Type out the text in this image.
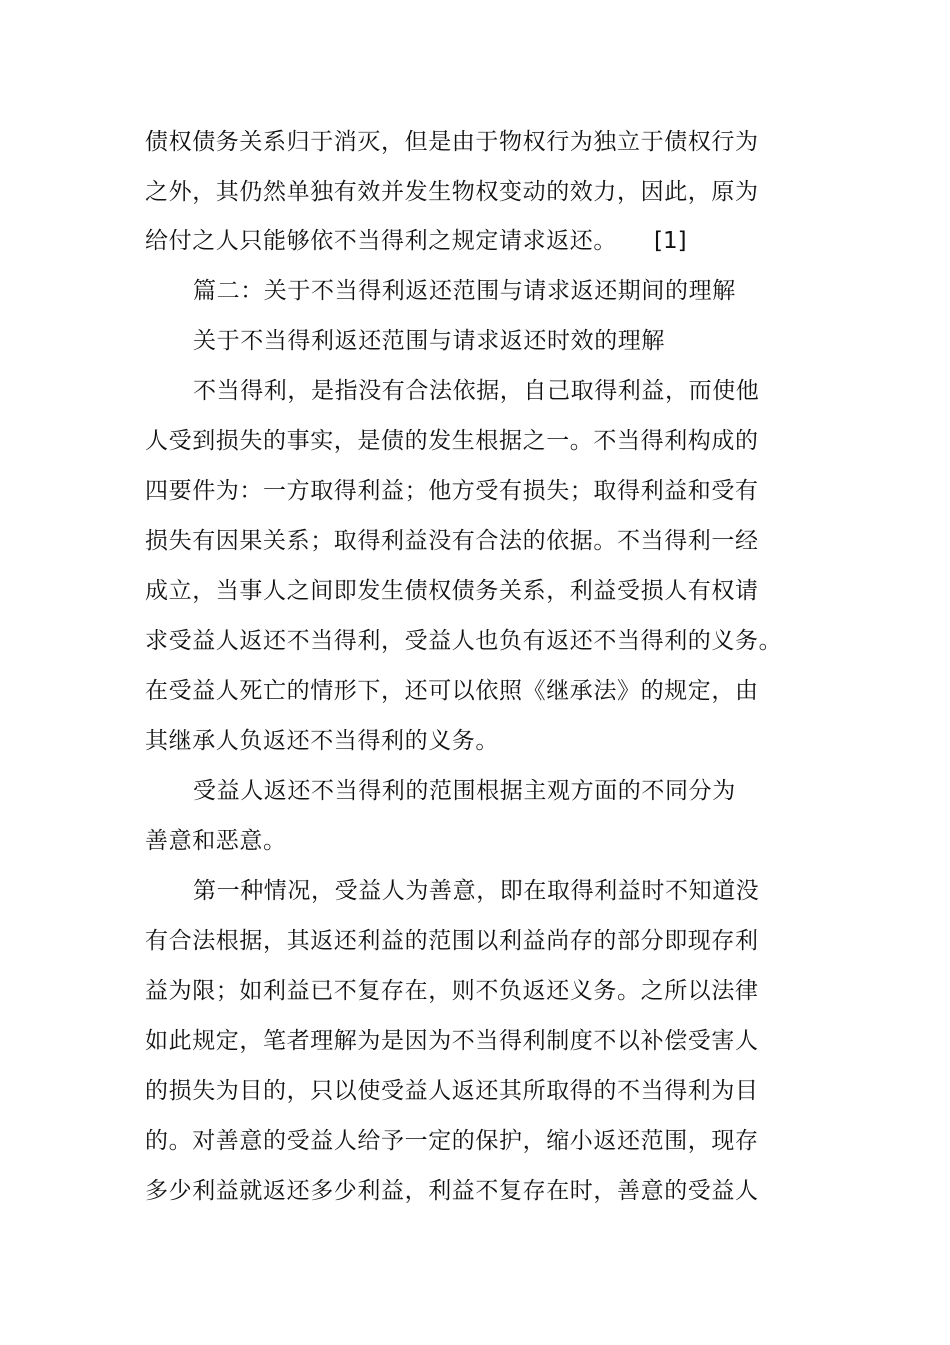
债权债务关系归于消灭，但是由于物权行为独立于债权行为
之外，其仍然单独有效并发生物权变动的效力，因此，原为
给付之人只能够依不当得利之规定请求返还。 [1]
篇二：关于不当得利返还范围与请求返还期间的理解
关于不当得利返还范围与请求返还时效的理解
不当得利，是指没有合法依据，自己取得利益，而使他
人受到损失的事实，是债的发生根据之一。不当得利构成的
四要件为：一方取得利益；他方受有损失；取得利益和受有
损失有因果关系；取得利益没有合法的依据。不当得利一经
成立，当事人之间即发生债权债务关系，利益受损人有权请
求受益人返还不当得利，受益人也负有返还不当得利的义务。
在受益人死亡的情形下，还可以依照《继承法》的规定，由
其继承人负返还不当得利的义务。
受益人返还不当得利的范围根据主观方面的不同分为
善意和恶意。
第一种情况，受益人为善意，即在取得利益时不知道没
有合法根据，其返还利益的范围以利益尚存的部分即现存利
益为限；如利益已不复存在，则不负返还义务。之所以法律
如此规定，笔者理解为是因为不当得利制度不以补偿受害人
的损失为目的，只以使受益人返还其所取得的不当得利为目
的。对善意的受益人给予一定的保护，缩小返还范围，现存
多少利益就返还多少利益，利益不复存在时，善意的受益人
